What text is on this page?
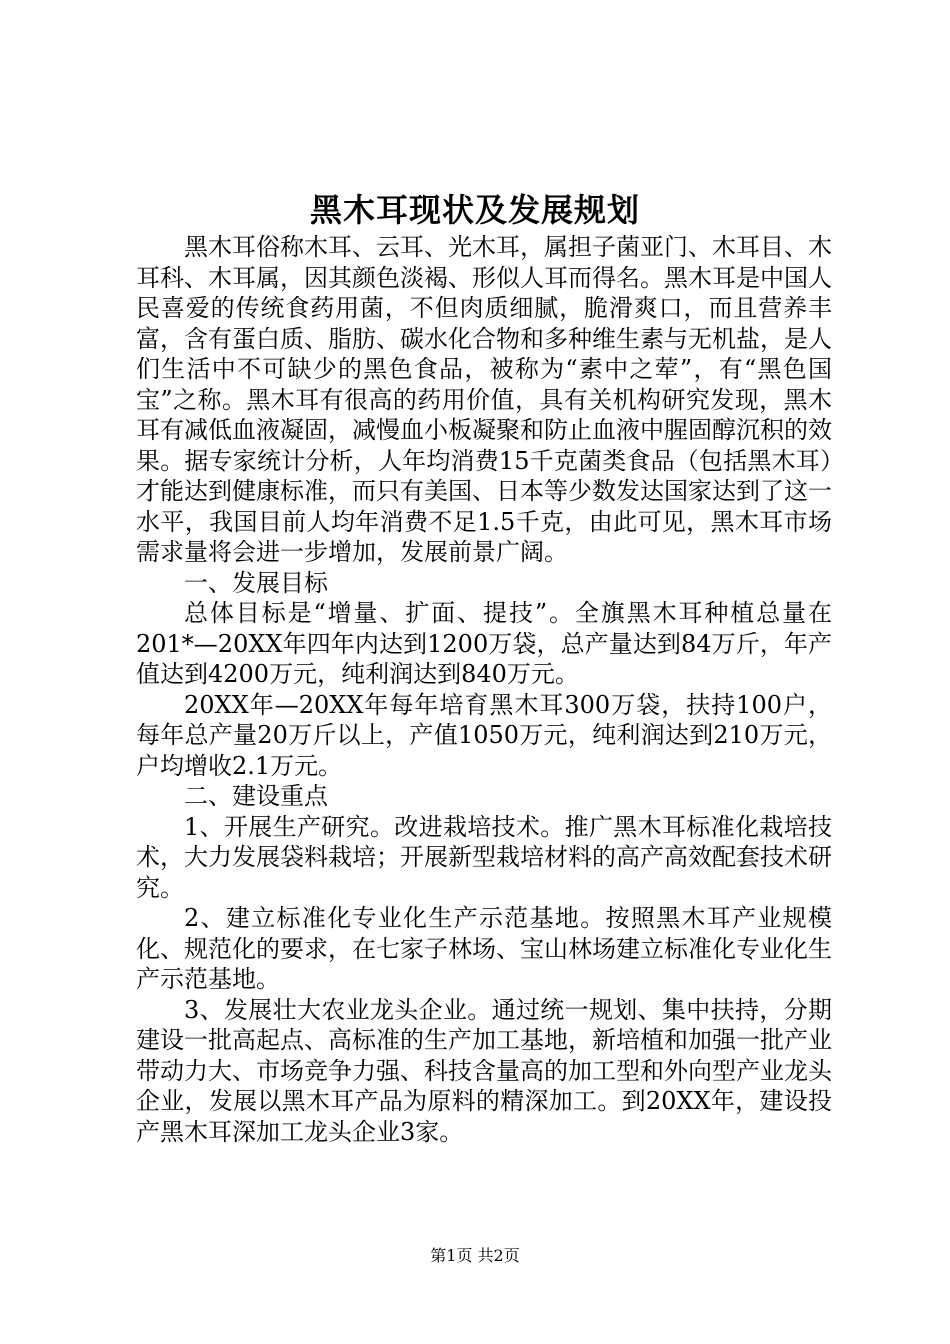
黑木耳现状及发展规划

黑木耳俗称木耳、云耳、光木耳，属担子菌亚门、木耳目、木耳科、木耳属，因其颜色淡褐、形似人耳而得名。黑木耳是中国人民喜爱的传统食药用菌，不但肉质细腻，脆滑爽口，而且营养丰富，含有蛋白质、脂肪、碳水化合物和多种维生素与无机盐，是人们生活中不可缺少的黑色食品，被称为“素中之荤”，有“黑色国宝”之称。黑木耳有很高的药用价值，具有关机构研究发现，黑木耳有减低血液凝固，减慢血小板凝聚和防止血液中腥固醇沉积的效果。据专家统计分析，人年均消费15千克菌类食品（包括黑木耳）才能达到健康标准，而只有美国、日本等少数发达国家达到了这一水平，我国目前人均年消费不足1.5千克，由此可见，黑木耳市场需求量将会进一步增加，发展前景广阔。

一、发展目标

总体目标是“增量、扩面、提技”。全旗黑木耳种植总量在201*—20XX年四年内达到1200万袋，总产量达到84万斤，年产值达到4200万元，纯利润达到840万元。

20XX年—20XX年每年培育黑木耳300万袋，扶持100户，每年总产量20万斤以上，产值1050万元，纯利润达到210万元，户均增收2.1万元。

二、建设重点

1、开展生产研究。改进栽培技术。推广黑木耳标准化栽培技术，大力发展袋料栽培；开展新型栽培材料的高产高效配套技术研究。

2、建立标准化专业化生产示范基地。按照黑木耳产业规模化、规范化的要求，在七家子林场、宝山林场建立标准化专业化生产示范基地。

3、发展壮大农业龙头企业。通过统一规划、集中扶持，分期建设一批高起点、高标准的生产加工基地，新培植和加强一批产业带动力大、市场竞争力强、科技含量高的加工型和外向型产业龙头企业，发展以黑木耳产品为原料的精深加工。到20XX年，建设投产黑木耳深加工龙头企业3家。

第1页 共2页
